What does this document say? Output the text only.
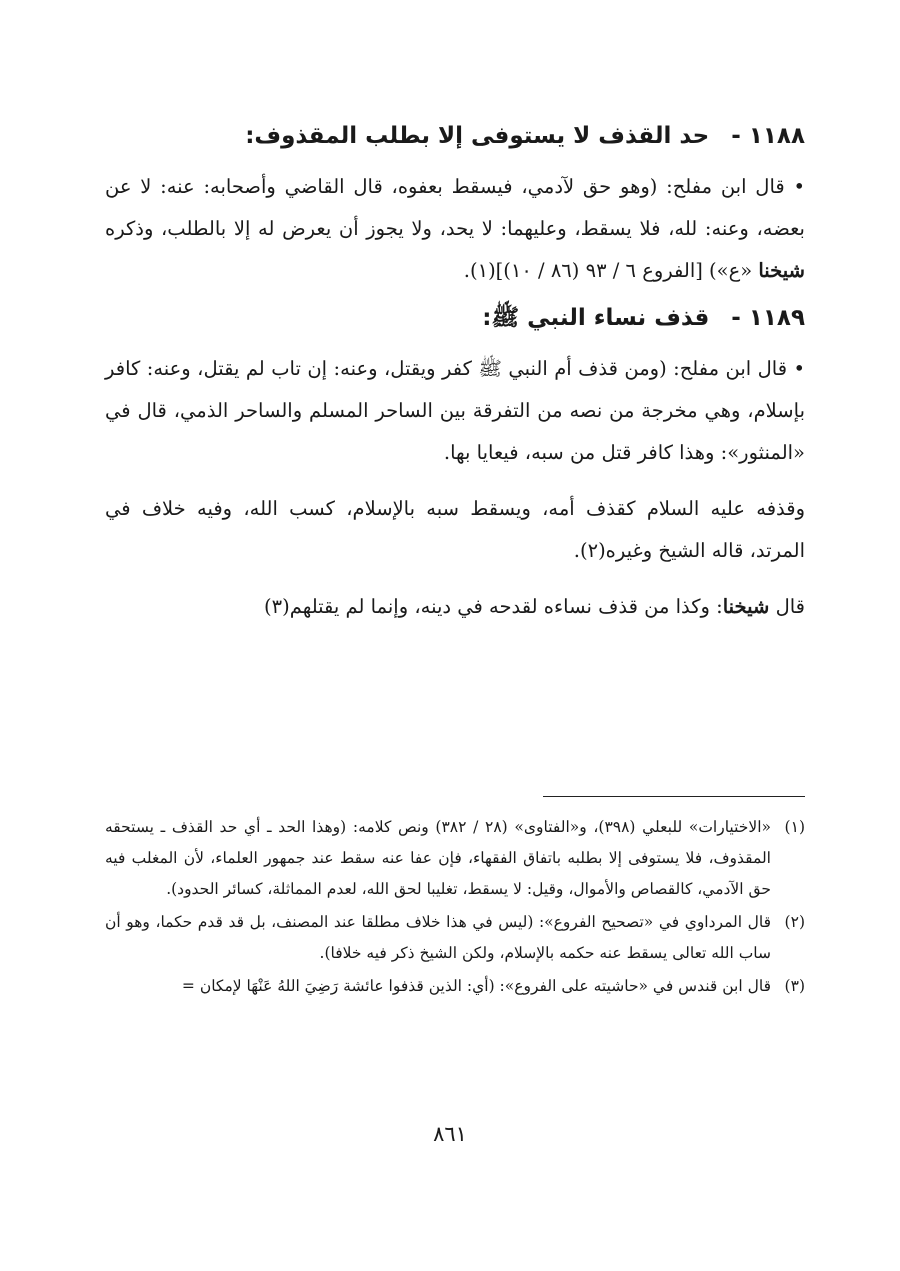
١١٨٨ - حد القذف لا يستوفى إلا بطلب المقذوف:

• قال ابن مفلح: (وهو حق لآدمي، فيسقط بعفوه، قال القاضي وأصحابه: عنه: لا عن بعضه، وعنه: لله، فلا يسقط، وعليهما: لا يحد، ولا يجوز أن يعرض له إلا بالطلب، وذكره شيخنا «ع») [الفروع ٦ / ٩٣ (٨٦ / ١٠)](١).

١١٨٩ - قذف نساء النبي ﷺ:

• قال ابن مفلح: (ومن قذف أم النبي ﷺ كفر ويقتل، وعنه: إن تاب لم يقتل، وعنه: كافر بإسلام، وهي مخرجة من نصه من التفرقة بين الساحر المسلم والساحر الذمي، قال في «المنثور»: وهذا كافر قتل من سبه، فيعايا بها.

وقذفه عليه السلام كقذف أمه، ويسقط سبه بالإسلام، كسب الله، وفيه خلاف في المرتد، قاله الشيخ وغيره(٢).

قال شيخنا: وكذا من قذف نساءه لقدحه في دينه، وإنما لم يقتلهم(٣)

(١)
«الاختيارات» للبعلي (٣٩٨)، و«الفتاوى» (٢٨ / ٣٨٢) ونص كلامه: (وهذا الحد ـ أي حد القذف ـ يستحقه المقذوف، فلا يستوفى إلا بطلبه باتفاق الفقهاء، فإن عفا عنه سقط عند جمهور العلماء، لأن المغلب فيه حق الآدمي، كالقصاص والأموال، وقيل: لا يسقط، تغليبا لحق الله، لعدم المماثلة، كسائر الحدود).
(٢)
قال المرداوي في «تصحيح الفروع»: (ليس في هذا خلاف مطلقا عند المصنف، بل قد قدم حكما، وهو أن ساب الله تعالى يسقط عنه حكمه بالإسلام، ولكن الشيخ ذكر فيه خلافا).
(٣)
قال ابن قندس في «حاشيته على الفروع»: (أي: الذين قذفوا عائشة رَضِيَ اللهُ عَنْهَا لإمكان =
٨٦١
